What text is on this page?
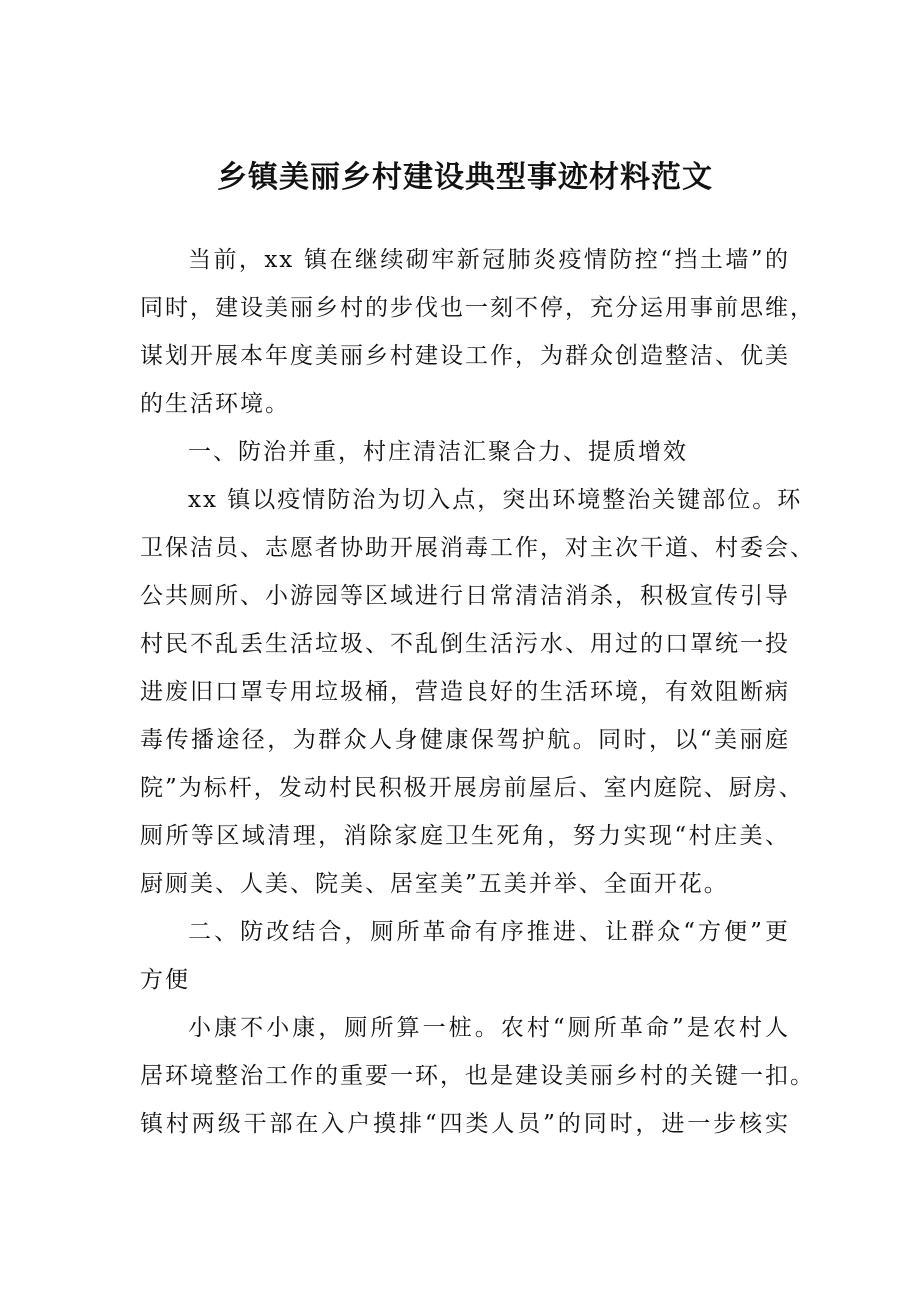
乡镇美丽乡村建设典型事迹材料范文
当前，xx 镇在继续砌牢新冠肺炎疫情防控“挡土墙”的
同时，建设美丽乡村的步伐也一刻不停，充分运用事前思维，
谋划开展本年度美丽乡村建设工作，为群众创造整洁、优美
的生活环境。
一、防治并重，村庄清洁汇聚合力、提质增效
xx 镇以疫情防治为切入点，突出环境整治关键部位。环
卫保洁员、志愿者协助开展消毒工作，对主次干道、村委会、
公共厕所、小游园等区域进行日常清洁消杀，积极宣传引导
村民不乱丢生活垃圾、不乱倒生活污水、用过的口罩统一投
进废旧口罩专用垃圾桶，营造良好的生活环境，有效阻断病
毒传播途径，为群众人身健康保驾护航。同时，以“美丽庭
院”为标杆，发动村民积极开展房前屋后、室内庭院、厨房、
厕所等区域清理，消除家庭卫生死角，努力实现“村庄美、
厨厕美、人美、院美、居室美”五美并举、全面开花。
二、防改结合，厕所革命有序推进、让群众“方便”更
方便
小康不小康，厕所算一桩。农村“厕所革命”是农村人
居环境整治工作的重要一环，也是建设美丽乡村的关键一扣。
镇村两级干部在入户摸排“四类人员”的同时，进一步核实
